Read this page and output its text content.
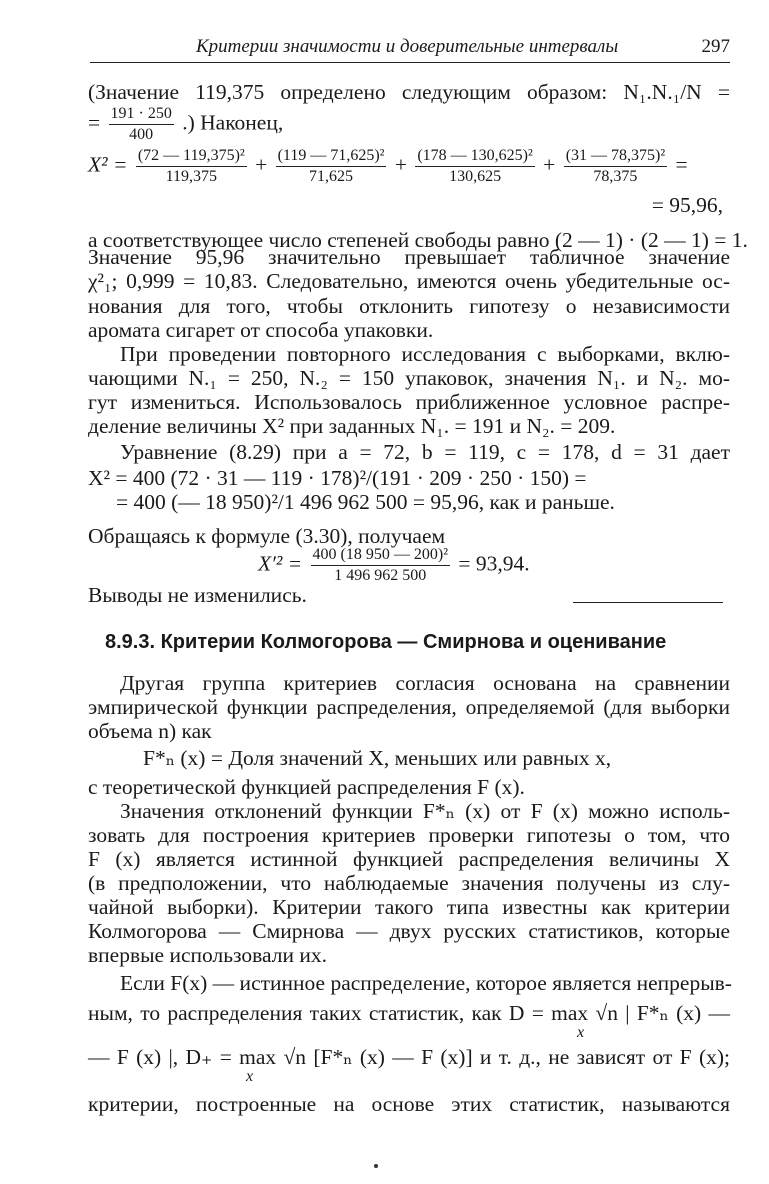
Критерии значимости и доверительные интервалы	297
(Значение 119,375 определено следующим образом: N₁.N.₁/N =
= $\frac{191 \cdot 250}{400}$ .) Наконец,
$X^2 = \frac{\text{(72 — 119,375)²}}{119,375} + \frac{\text{(119 — 71,625)²}}{71,625} + \frac{\text{(178 — 130,625)²}}{130,625} + \frac{\text{(31 — 78,375)²}}{78,375}$ =
= 95,96,
а соответствующее число степеней свободы равно (2 — 1) · (2 — 1) = 1.
Значение 95,96 значительно превышает табличное значение
χ²₁; 0,999 = 10,83. Следовательно, имеются очень убедительные ос-
нования для того, чтобы отклонить гипотезу о независимости
аромата сигарет от способа упаковки.
При проведении повторного исследования с выборками, вклю-
чающими N.₁ = 250, N.₂ = 150 упаковок, значения N₁. и N₂. мо-
гут измениться. Использовалось приближенное условное распре-
деление величины X² при заданных N₁. = 191 и N₂. = 209.
Уравнение (8.29) при a = 72, b = 119, c = 178, d = 31 дает
X² = 400 (72 · 31 — 119 · 178)²/(191 · 209 · 250 · 150) =
= 400 (— 18 950)²/1 496 962 500 = 95,96, как и раньше.
Обращаясь к формуле (3.30), получаем
$X'^2 = \frac{\text{400 (18 950 — 200)²}}{1 496 962 500} = 93,94$.
Выводы не изменились.
8.9.3. Критерии Колмогорова — Смирнова и оценивание
Другая группа критериев согласия основана на сравнении
эмпирической функции распределения, определяемой (для выборки
объема n) как
F*ₙ (x) = Доля значений X, меньших или равных x,
с теоретической функцией распределения F (x).
Значения отклонений функции F*ₙ (x) от F (x) можно исполь-
зовать для построения критериев проверки гипотезы о том, что
F (x) является истинной функцией распределения величины X
(в предположении, что наблюдаемые значения получены из слу-
чайной выборки). Критерии такого типа известны как критерии
Колмогорова — Смирнова — двух русских статистиков, которые
впервые использовали их.
Если F(x) — истинное распределение, которое является непрерыв-
ным, то распределения таких статистик, как D = max √n | F*ₙ (x) —
x
— F (x) |, D₊ = max √n [F*ₙ (x) — F (x)] и т. д., не зависят от F (x);
x
критерии, построенные на основе этих статистик, называются
